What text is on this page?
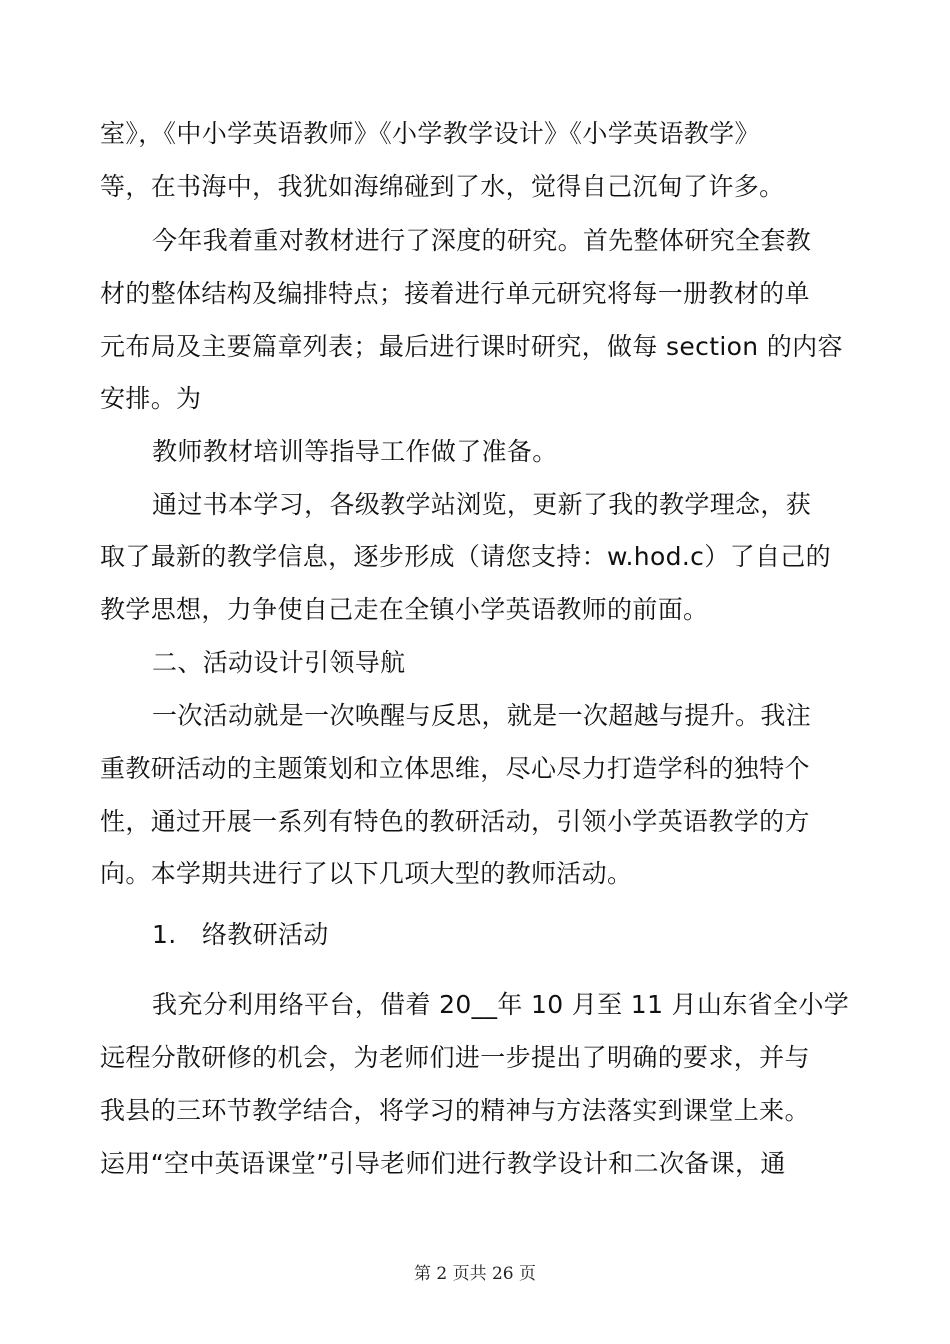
室》，《中小学英语教师》《小学教学设计》《小学英语教学》
等，在书海中，我犹如海绵碰到了水，觉得自己沉甸了许多。
今年我着重对教材进行了深度的研究。首先整体研究全套教
材的整体结构及编排特点；接着进行单元研究将每一册教材的单
元布局及主要篇章列表；最后进行课时研究，做每 section 的内容
安排。为
教师教材培训等指导工作做了准备。
通过书本学习，各级教学站浏览，更新了我的教学理念，获
取了最新的教学信息，逐步形成（请您支持：w.hod.c）了自己的
教学思想，力争使自己走在全镇小学英语教师的前面。
二、活动设计引领导航
一次活动就是一次唤醒与反思，就是一次超越与提升。我注
重教研活动的主题策划和立体思维，尽心尽力打造学科的独特个
性，通过开展一系列有特色的教研活动，引领小学英语教学的方
向。本学期共进行了以下几项大型的教师活动。
1. 络教研活动
我充分利用络平台，借着 20__年 10 月至 11 月山东省全小学
远程分散研修的机会，为老师们进一步提出了明确的要求，并与
我县的三环节教学结合，将学习的精神与方法落实到课堂上来。
运用“空中英语课堂”引导老师们进行教学设计和二次备课，通
第 2 页共 26 页
